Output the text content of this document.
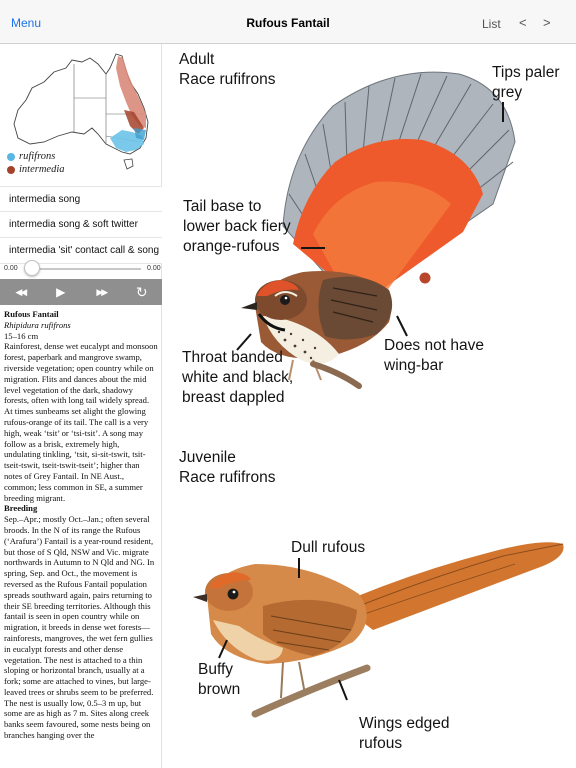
Menu	Rufous Fantail	List < >
rufifrons
intermedia
intermedia song
intermedia song & soft twitter
intermedia 'sit' contact call & song
0.00	0.00
◀◀	▶	▶▶ ↻

Rufous Fantail

Rhipidura rufifrons

15–16 cm

Rainforest, dense wet eucalypt and monsoon forest, paperbark and mangrove swamp, riverside vegetation; open country while on migration. Flits and dances about the mid level vegetation of the dark, shadowy forests, often with long tail widely spread. At times sunbeams set alight the glowing rufous-orange of its tail. The call is a very high, weak ‘tsit’ or ‘tsi-tsit’. A song may follow as a brisk, extremely high, undulating tinkling, ‘tsit, si-sit-tswit, tsit-tseit-tswit, tseit-tswit-tseit’; higher than notes of Grey Fantail. In NE Aust., common; less common in SE, a summer breeding migrant.

Breeding

Sep.–Apr.; mostly Oct.–Jan.; often several broods. In the N of its range the Rufous (‘Arafura’) Fantail is a year-round resident, but those of S Qld, NSW and Vic. migrate northwards in Autumn to N Qld and NG. In spring, Sep. and Oct., the movement is reversed as the Rufous Fantail population spreads southward again, pairs returning to their SE breeding territories. Although this fantail is seen in open country while on migration, it breeds in dense wet forests—rainforests, mangroves, the wet fern gullies in eucalypt forests and other dense vegetation. The nest is attached to a thin sloping or horizontal branch, usually at a fork; some are attached to vines, but large-leaved trees or shrubs seem to be preferred. The nest is usually low, 0.5–3 m up, but some are as high as 7 m. Sites along creek banks seem favoured, some nests being on branches hanging over the

Adult
Race rufifrons	Tips paler
grey
Tail base to
lower back fiery
orange-rufous
Throat banded
white and black,
breast dappled
Does not have
wing-bar
Juvenile
Race rufifrons
Dull rufous
Buffy
brown
Wings edged
rufous
